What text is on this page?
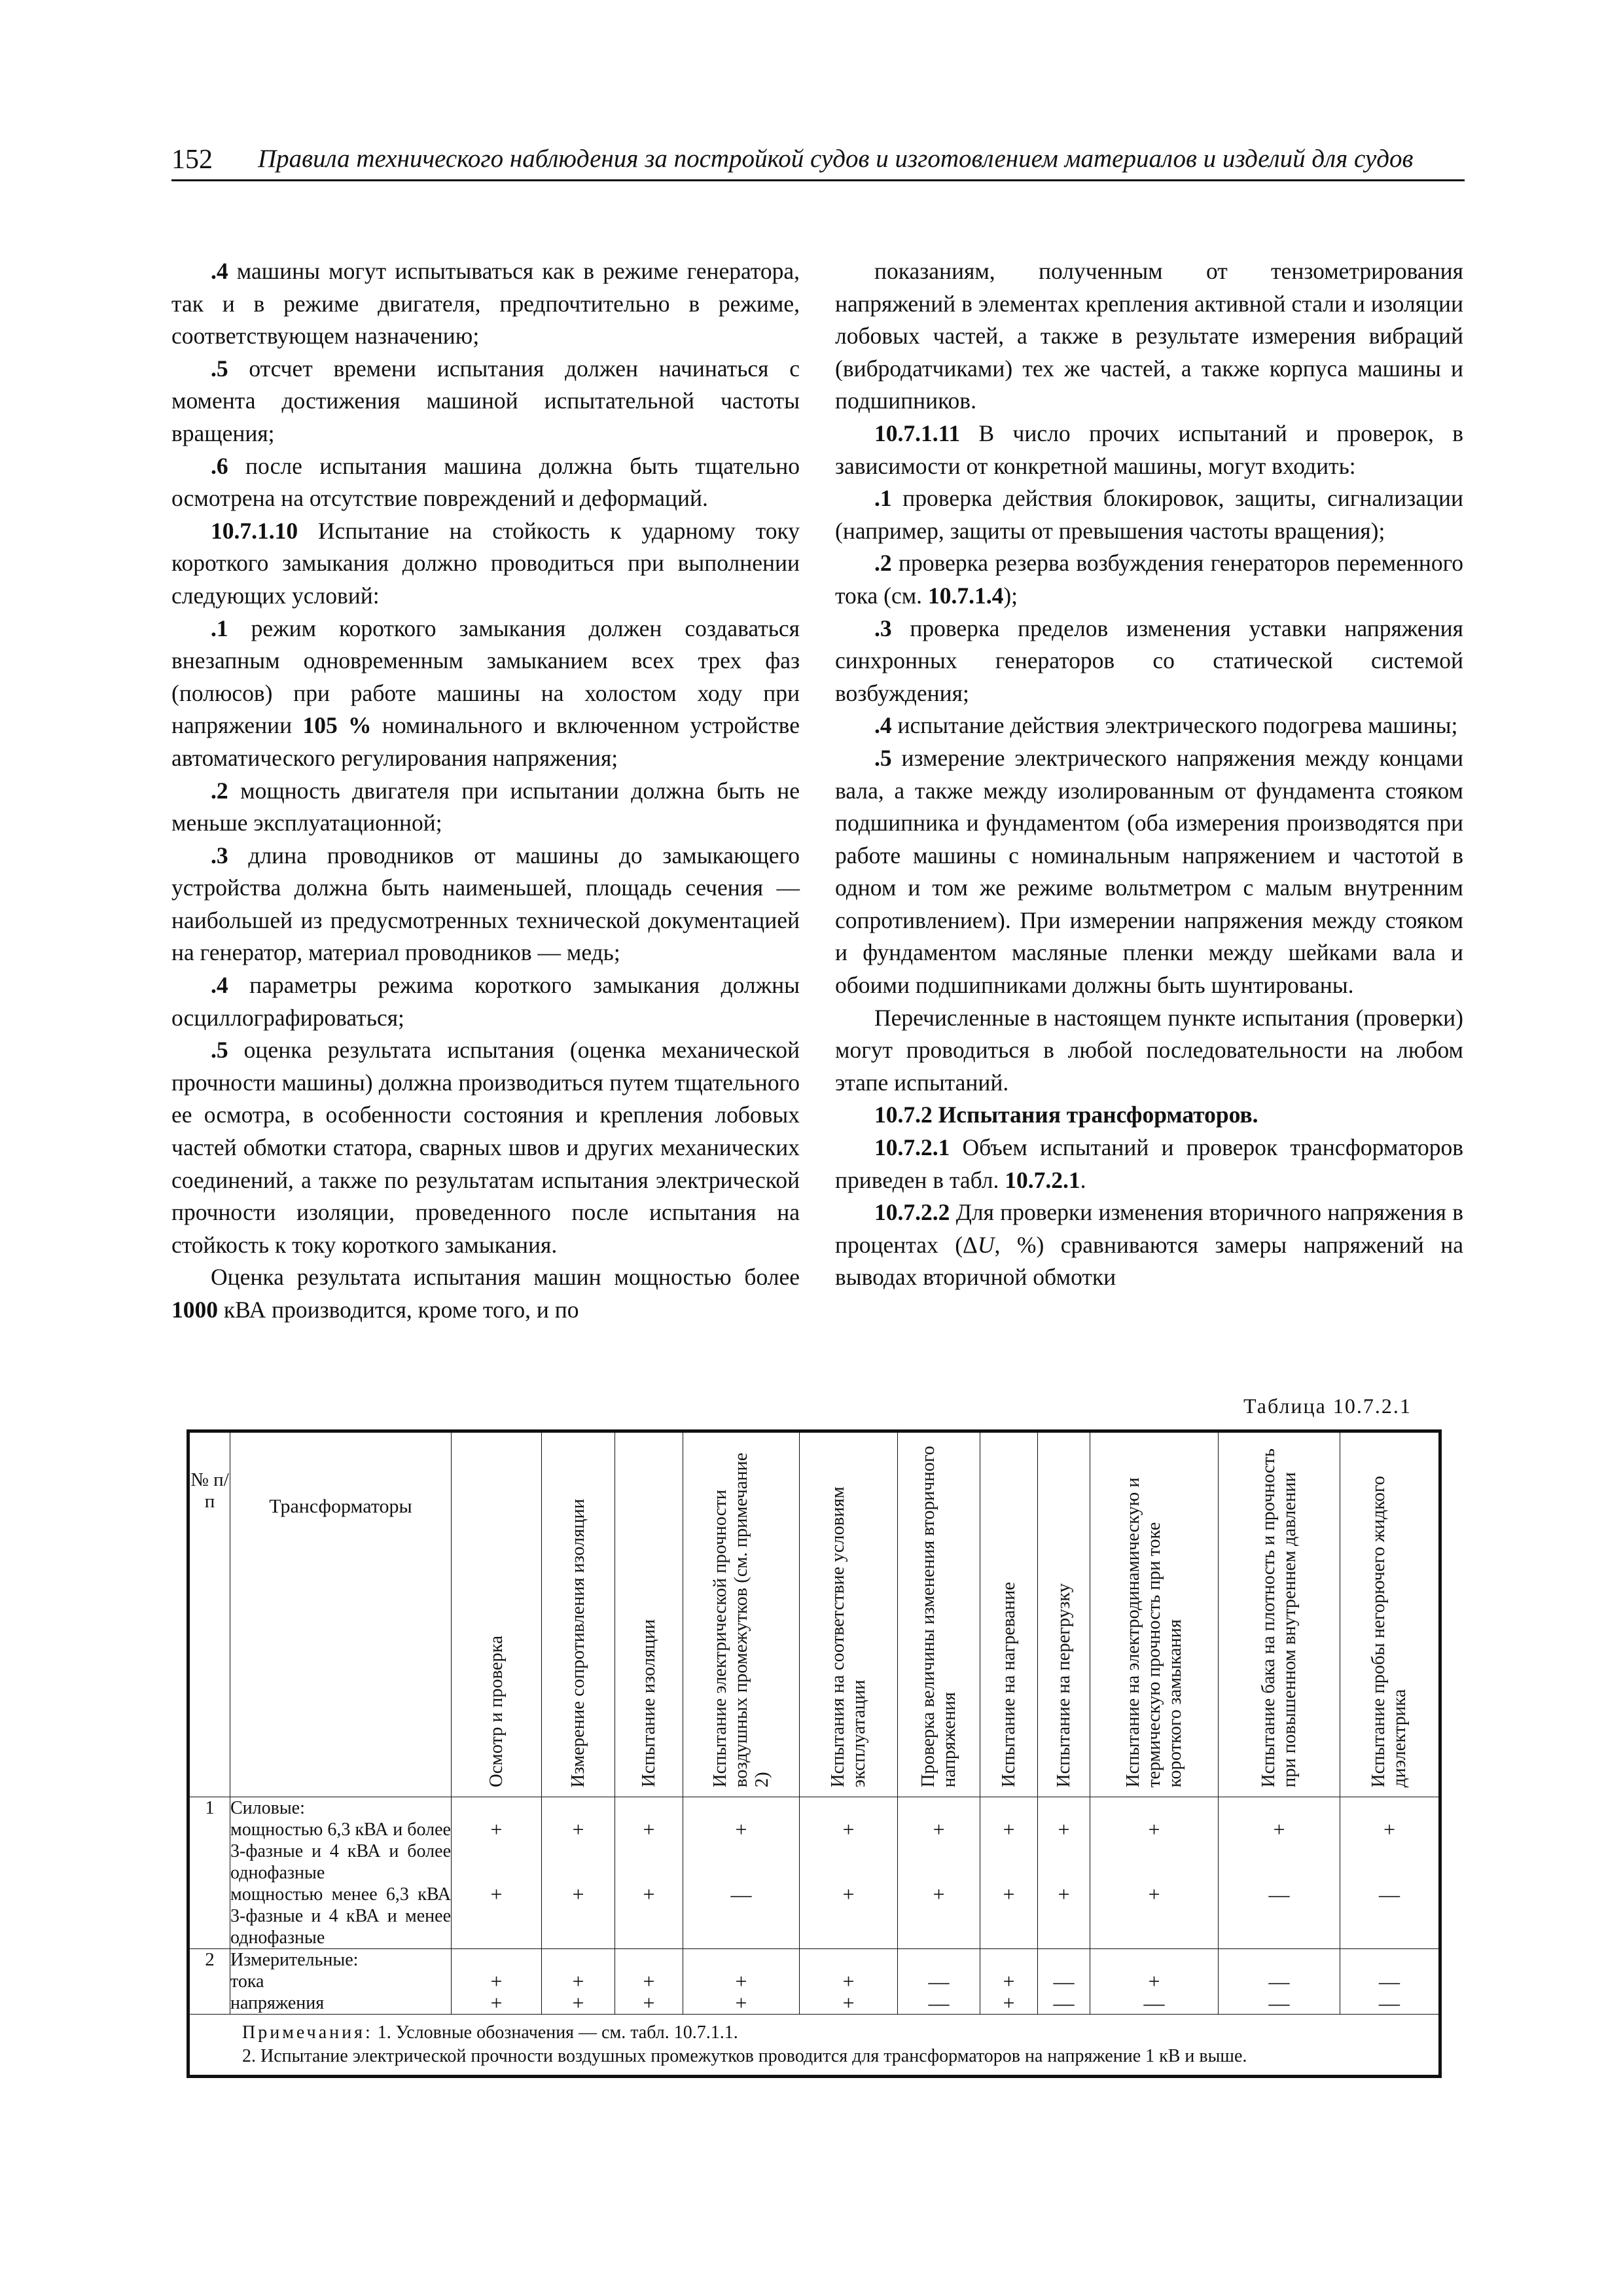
152 Правила технического наблюдения за постройкой судов и изготовлением материалов и изделий для судов

.4 машины могут испытываться как в режиме генератора, так и в режиме двигателя, предпочтительно в режиме, соответствующем назначению;

.5 отсчет времени испытания должен начинаться с момента достижения машиной испытательной частоты вращения;

.6 после испытания машина должна быть тщательно осмотрена на отсутствие повреждений и деформаций.

10.7.1.10 Испытание на стойкость к ударному току короткого замыкания должно проводиться при выполнении следующих условий:

.1 режим короткого замыкания должен создаваться внезапным одновременным замыканием всех трех фаз (полюсов) при работе машины на холостом ходу при напряжении 105 % номинального и включенном устройстве автоматического регулирования напряжения;

.2 мощность двигателя при испытании должна быть не меньше эксплуатационной;

.3 длина проводников от машины до замыкающего устройства должна быть наименьшей, площадь сечения — наибольшей из предусмотренных технической документацией на генератор, материал проводников — медь;

.4 параметры режима короткого замыкания должны осциллографироваться;

.5 оценка результата испытания (оценка механической прочности машины) должна производиться путем тщательного ее осмотра, в особенности состояния и крепления лобовых частей обмотки статора, сварных швов и других механических соединений, а также по результатам испытания электрической прочности изоляции, проведенного после испытания на стойкость к току короткого замыкания.

Оценка результата испытания машин мощностью более 1000 кВА производится, кроме того, и по

показаниям, полученным от тензометрирования напряжений в элементах крепления активной стали и изоляции лобовых частей, а также в результате измерения вибраций (вибродатчиками) тех же частей, а также корпуса машины и подшипников.

10.7.1.11 В число прочих испытаний и проверок, в зависимости от конкретной машины, могут входить:

.1 проверка действия блокировок, защиты, сигнализации (например, защиты от превышения частоты вращения);

.2 проверка резерва возбуждения генераторов переменного тока (см. 10.7.1.4);

.3 проверка пределов изменения уставки напряжения синхронных генераторов со статической системой возбуждения;

.4 испытание действия электрического подогрева машины;

.5 измерение электрического напряжения между концами вала, а также между изолированным от фундамента стояком подшипника и фундаментом (оба измерения производятся при работе машины с номинальным напряжением и частотой в одном и том же режиме вольтметром с малым внутренним сопротивлением). При измерении напряжения между стояком и фундаментом масляные пленки между шейками вала и обоими подшипниками должны быть шунтированы.

Перечисленные в настоящем пункте испытания (проверки) могут проводиться в любой последовательности на любом этапе испытаний.

10.7.2 Испытания трансформаторов.

10.7.2.1 Объем испытаний и проверок трансформаторов приведен в табл. 10.7.2.1.

10.7.2.2 Для проверки изменения вторичного напряжения в процентах (ΔU, %) сравниваются замеры напряжений на выводах вторичной обмотки

Таблица 10.7.2.1
№ п/п	Трансформаторы	Осмотр и проверка	Измерение сопротивления изоляции	Испытание изоляции	Испытание электрической прочности воздушных промежутков (см. примечание 2)	Испытания на соответствие условиям эксплуатации	Проверка величины изменения вторичного напряжения	Испытание на нагревание	Испытание на перегрузку	Испытание на электродинамическую и термическую прочность при токе короткого замыкания	Испытание бака на плотность и прочность при повышенном внутреннем давлении	Испытание пробы негорючего жидкого диэлектрика

1	Силовые:											
	мощностью 6,3 кВА и более 3-фазные и 4 кВА и более однофазные	+	+	+	+	+	+	+	+	+	+	+
	мощностью менее 6,3 кВА 3-фазные и 4 кВА и менее однофазные	+	+	+	—	+	+	+	+	+	—	—
2	Измерительные:											
	тока	+	+	+	+	+	—	+	—	+	—	—
	напряжения	+	+	+	+	+	—	+	—	—	—	—

Примечания: 1. Условные обозначения — см. табл. 10.7.1.1.
2. Испытание электрической прочности воздушных промежутков проводится для трансформаторов на напряжение 1 кВ и выше.												
